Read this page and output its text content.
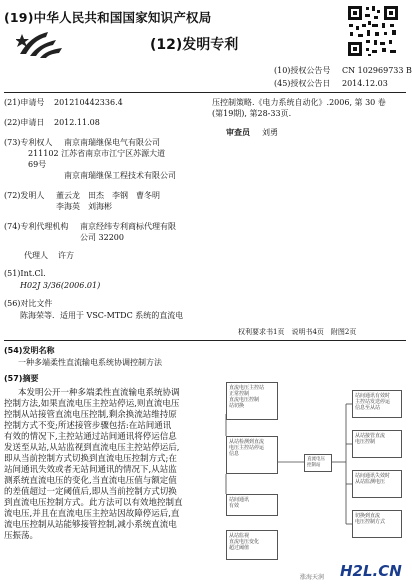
(19)中华人民共和国国家知识产权局
(12)发明专利
(10)授权公告号 CN 102969733 B
(45)授权公告日 2014.12.03
(21)申请号 201210442336.4
(22)申请日 2012.11.08
(73)专利权人 南京南瑞继保电气有限公司
211102 江苏省南京市江宁区苏源大道
69号
南京南瑞继保工程技术有限公司
(72)发明人 董云龙　田杰　李钢　曹冬明
李海英　刘海彬
(74)专利代理机构 南京经纬专利商标代理有限
公司 32200
代理人 许方
(51)Int.Cl.
H02J 3/36(2006.01)
(56)对比文件
陈海荣等．适用于 VSC-MTDC 系统的直流电
压控制策略.《电力系统自动化》.2006, 第 30 卷
(第19期), 第28-33页.
审查员 刘勇
权利要求书1页　说明书4页　附图2页
(54)发明名称
一种多端柔性直流输电系统协调控制方法
(57)摘要
本发明公开一种多端柔性直流输电系统协调
控制方法,如果直流电压主控站停运,则直流电压
控制从站接管直流电压控制,剩余换流站维持原
控制方式不变;所述接管步骤包括:在站间通讯
有效的情况下,主控站通过站间通讯将停运信息
发送至从站,从站监视到直流电压主控站停运后,
即从当前控制方式切换到直流电压控制方式;在
站间通讯失效或者无站间通讯的情况下,从站监
测系统直流电压的变化,当直流电压值与额定值
的差值超过一定阈值后,即从当前控制方式切换
到直流电压控制方式。此方法可以有效地控制直
流电压,并且在直流电压主控站因故障停运后,直
流电压控制从站能够接管控制,减小系统直流电
压振荡。
直流电压主控站
正常控制
直流电压控制
站切换
从站检测到直流
电压主控站停运
信息
站间通讯
有效
从站监视
直流电压变化
超过阈值
直流电压
控制站
站间通讯有效时
主控站发送停运
信息至从站
从站接管直流
电压控制
站间通讯失效时
从站监测电压
切换到直流
电压控制方式
H2L.CN
涨海天润
